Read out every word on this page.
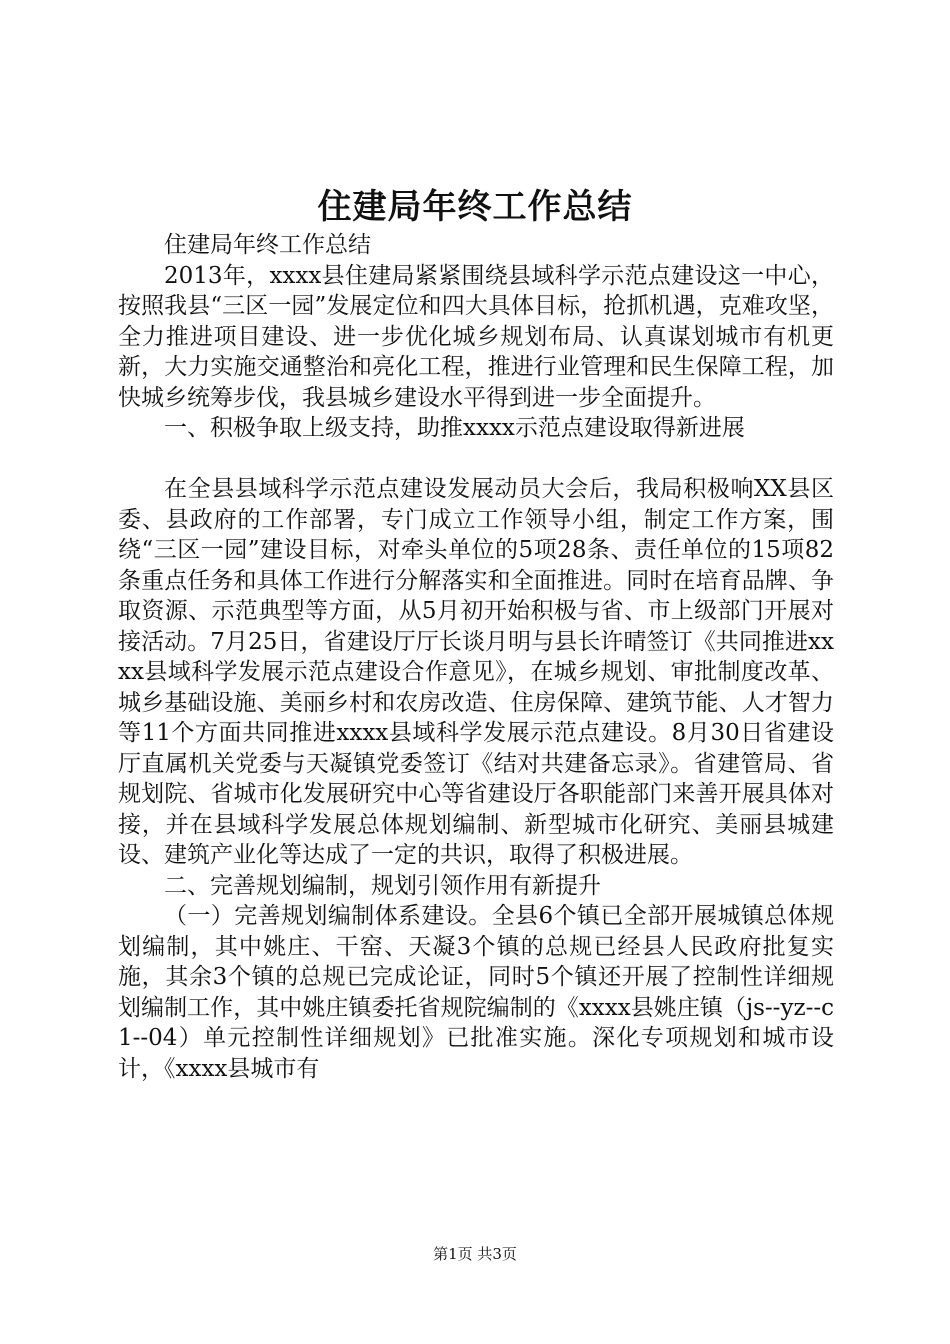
住建局年终工作总结

住建局年终工作总结

2013年，xxxx县住建局紧紧围绕县域科学示范点建设这一中心，按照我县“三区一园”发展定位和四大具体目标，抢抓机遇，克难攻坚，全力推进项目建设、进一步优化城乡规划布局、认真谋划城市有机更新，大力实施交通整治和亮化工程，推进行业管理和民生保障工程，加快城乡统筹步伐，我县城乡建设水平得到进一步全面提升。

一、积极争取上级支持，助推xxxx示范点建设取得新进展

在全县县域科学示范点建设发展动员大会后，我局积极响XX县区委、县政府的工作部署，专门成立工作领导小组，制定工作方案，围绕“三区一园”建设目标，对牵头单位的5项28条、责任单位的15项82条重点任务和具体工作进行分解落实和全面推进。同时在培育品牌、争取资源、示范典型等方面，从5月初开始积极与省、市上级部门开展对接活动。7月25日，省建设厅厅长谈月明与县长许晴签订《共同推进xxxx县域科学发展示范点建设合作意见》，在城乡规划、审批制度改革、城乡基础设施、美丽乡村和农房改造、住房保障、建筑节能、人才智力等11个方面共同推进xxxx县域科学发展示范点建设。8月30日省建设厅直属机关党委与天凝镇党委签订《结对共建备忘录》。省建管局、省规划院、省城市化发展研究中心等省建设厅各职能部门来善开展具体对接，并在县域科学发展总体规划编制、新型城市化研究、美丽县城建设、建筑产业化等达成了一定的共识，取得了积极进展。

二、完善规划编制，规划引领作用有新提升

（一）完善规划编制体系建设。全县6个镇已全部开展城镇总体规划编制，其中姚庄、干窑、天凝3个镇的总规已经县人民政府批复实施，其余3个镇的总规已完成论证，同时5个镇还开展了控制性详细规划编制工作，其中姚庄镇委托省规院编制的《xxxx县姚庄镇（js--yz--c1--04）单元控制性详细规划》已批准实施。深化专项规划和城市设计，《xxxx县城市有

第1页 共3页
